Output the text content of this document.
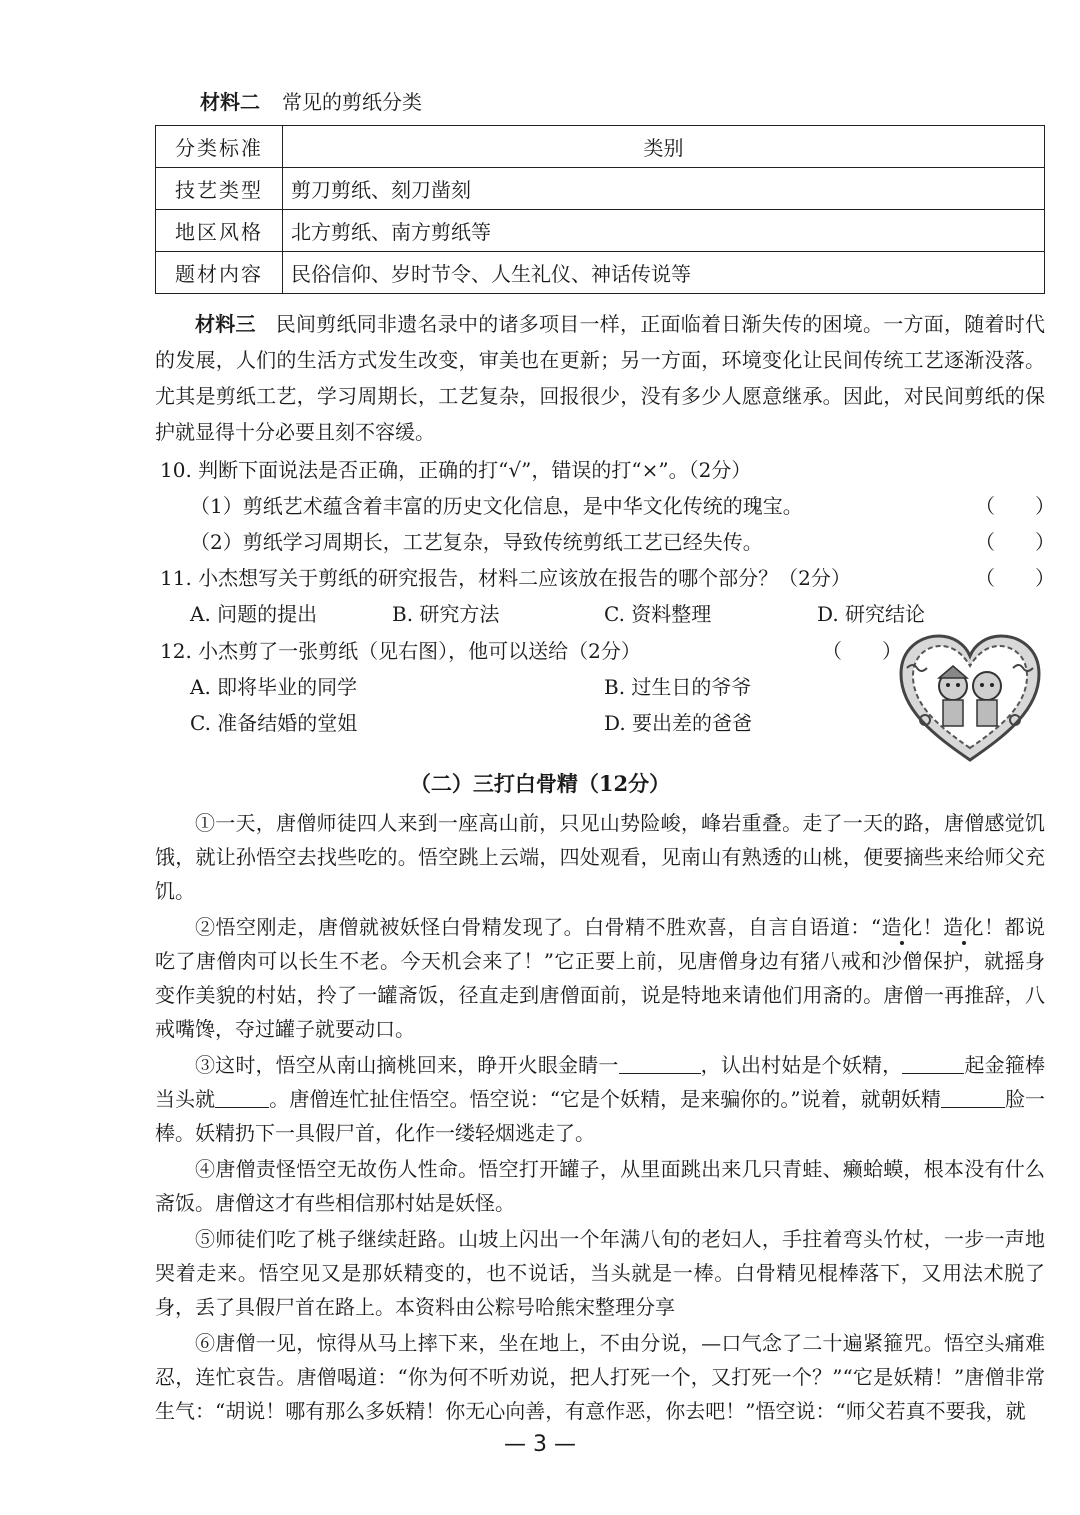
材料二 常见的剪纸分类
分类标准	类别
技艺类型	剪刀剪纸、刻刀凿刻
地区风格	北方剪纸、南方剪纸等
题材内容	民俗信仰、岁时节令、人生礼仪、神话传说等

材料三 民间剪纸同非遗名录中的诸多项目一样，正面临着日渐失传的困境。一方面，随着时代的发展，人们的生活方式发生改变，审美也在更新；另一方面，环境变化让民间传统工艺逐渐没落。尤其是剪纸工艺，学习周期长，工艺复杂，回报很少，没有多少人愿意继承。因此，对民间剪纸的保护就显得十分必要且刻不容缓。

10. 判断下面说法是否正确，正确的打“√”，错误的打“×”。（2分）
（1）剪纸艺术蕴含着丰富的历史文化信息，是中华文化传统的瑰宝。	（　　）
（2）剪纸学习周期长，工艺复杂，导致传统剪纸工艺已经失传。	（　　）
11. 小杰想写关于剪纸的研究报告，材料二应该放在报告的哪个部分？（2分）	（　　）
A. 问题的提出	B. 研究方法	C. 资料整理	D. 研究结论
12. 小杰剪了一张剪纸（见右图），他可以送给（2分）	（　　）
A. 即将毕业的同学	B. 过生日的爷爷
C. 准备结婚的堂姐	D. 要出差的爸爸
（二）三打白骨精（12分）

①一天，唐僧师徒四人来到一座高山前，只见山势险峻，峰岩重叠。走了一天的路，唐僧感觉饥饿，就让孙悟空去找些吃的。悟空跳上云端，四处观看，见南山有熟透的山桃，便要摘些来给师父充饥。

②悟空刚走，唐僧就被妖怪白骨精发现了。白骨精不胜欢喜，自言自语道：“造化！造化！都说吃了唐僧肉可以长生不老。今天机会来了！”它正要上前，见唐僧身边有猪八戒和沙僧保护，就摇身变作美貌的村姑，拎了一罐斋饭，径直走到唐僧面前，说是特地来请他们用斋的。唐僧一再推辞，八戒嘴馋，夺过罐子就要动口。

③这时，悟空从南山摘桃回来，睁开火眼金睛一	，认出村姑是个妖精，	起金箍棒当头就	。唐僧连忙扯住悟空。悟空说：“它是个妖精，是来骗你的。”说着，就朝妖精	脸一棒。妖精扔下一具假尸首，化作一缕轻烟逃走了。

④唐僧责怪悟空无故伤人性命。悟空打开罐子，从里面跳出来几只青蛙、癞蛤蟆，根本没有什么斋饭。唐僧这才有些相信那村姑是妖怪。

⑤师徒们吃了桃子继续赶路。山坡上闪出一个年满八旬的老妇人，手拄着弯头竹杖，一步一声地哭着走来。悟空见又是那妖精变的，也不说话，当头就是一棒。白骨精见棍棒落下，又用法术脱了身，丢了具假尸首在路上。本资料由公粽号哈熊宋整理分享

⑥唐僧一见，惊得从马上摔下来，坐在地上，不由分说，—口气念了二十遍紧箍咒。悟空头痛难忍，连忙哀告。唐僧喝道：“你为何不听劝说，把人打死一个，又打死一个？”“它是妖精！”唐僧非常生气：“胡说！哪有那么多妖精！你无心向善，有意作恶，你去吧！”悟空说：“师父若真不要我，就

— 3 —
